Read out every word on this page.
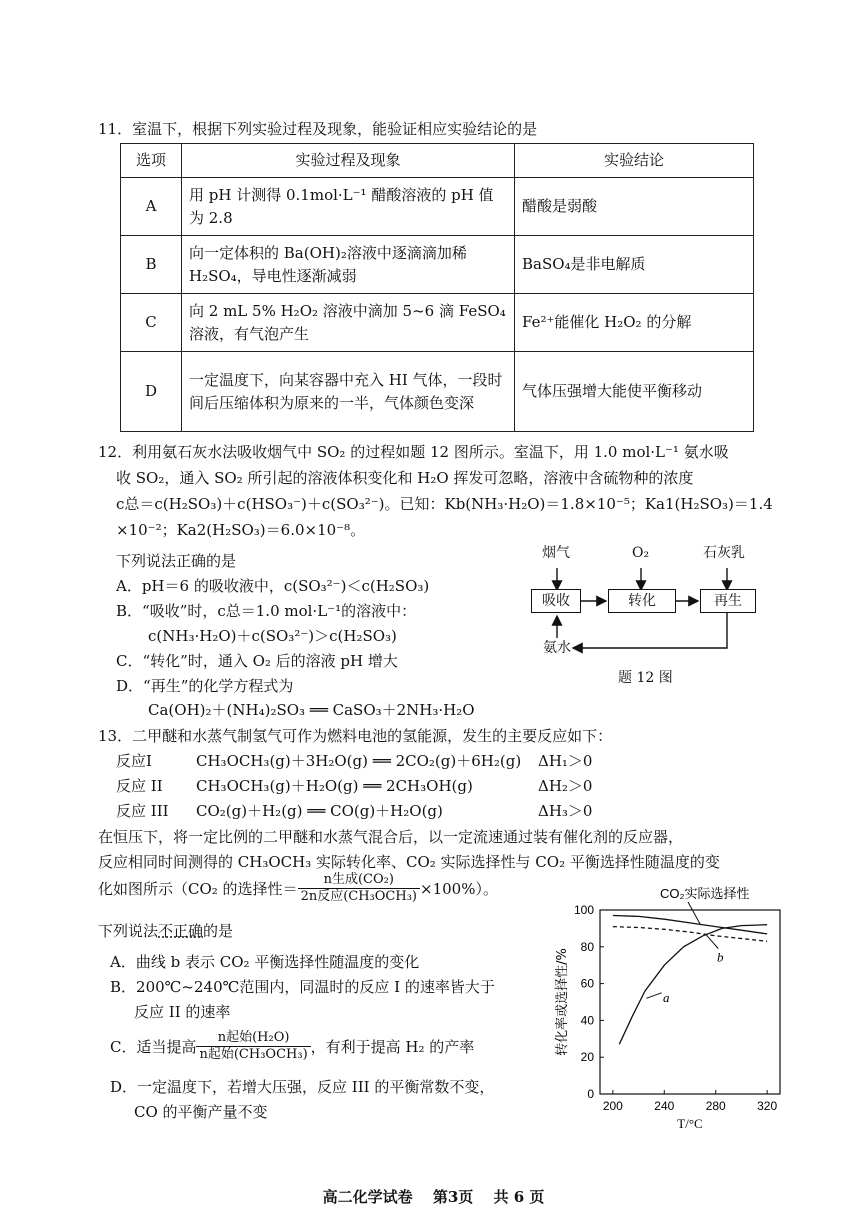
11．室温下，根据下列实验过程及现象，能验证相应实验结论的是
选项	实验过程及现象	实验结论
A	用 pH 计测得 0.1mol·L⁻¹ 醋酸溶液的 pH 值为 2.8	醋酸是弱酸
B	向一定体积的 Ba(OH)₂溶液中逐滴滴加稀 H₂SO₄，导电性逐渐减弱	BaSO₄是非电解质
C	向 2 mL 5% H₂O₂ 溶液中滴加 5~6 滴 FeSO₄ 溶液，有气泡产生	Fe²⁺能催化 H₂O₂ 的分解
D	一定温度下，向某容器中充入 HI 气体，一段时间后压缩体积为原来的一半，气体颜色变深	气体压强增大能使平衡移动
12．利用氨石灰水法吸收烟气中 SO₂ 的过程如题 12 图所示。室温下，用 1.0 mol·L⁻¹ 氨水吸
收 SO₂，通入 SO₂ 所引起的溶液体积变化和 H₂O 挥发可忽略，溶液中含硫物种的浓度
c总＝c(H₂SO₃)＋c(HSO₃⁻)＋c(SO₃²⁻)。已知：Kb(NH₃·H₂O)＝1.8×10⁻⁵；Ka1(H₂SO₃)＝1.4
×10⁻²；Ka2(H₂SO₃)＝6.0×10⁻⁸。
下列说法正确的是
A．pH＝6 的吸收液中，c(SO₃²⁻)＜c(H₂SO₃)
B．“吸收”时，c总＝1.0 mol·L⁻¹的溶液中：
c(NH₃·H₂O)＋c(SO₃²⁻)＞c(H₂SO₃)
C．“转化”时，通入 O₂ 后的溶液 pH 增大
D．“再生”的化学方程式为
Ca(OH)₂＋(NH₄)₂SO₃ ══ CaSO₃＋2NH₃·H₂O
烟气	O₂	石灰乳
吸收	转化	再生
氨水
题 12 图
13．二甲醚和水蒸气制氢气可作为燃料电池的氢能源，发生的主要反应如下：
反应I	CH₃OCH₃(g)＋3H₂O(g) ══ 2CO₂(g)＋6H₂(g) ΔH₁＞0
反应 II CH₃OCH₃(g)＋H₂O(g) ══ 2CH₃OH(g)	ΔH₂＞0
反应 III CO₂(g)＋H₂(g) ══ CO(g)＋H₂O(g)	ΔH₃＞0
在恒压下，将一定比例的二甲醚和水蒸气混合后，以一定流速通过装有催化剂的反应器，
反应相同时间测得的 CH₃OCH₃ 实际转化率、CO₂ 实际选择性与 CO₂ 平衡选择性随温度的变
化如图所示（CO₂ 的选择性＝ $\frac{\text{n生成(CO₂)}}{\text{2n反应(CH₃OCH₃)}} \times 100\%$）。
下列说法不正确的是
A．曲线 b 表示 CO₂ 平衡选择性随温度的变化
B．200℃~240℃范围内，同温时的反应 I 的速率皆大于
反应 II 的速率
C．适当提高 $\frac{\text{n起始(H₂O)}}{\text{n起始(CH₃OCH₃)}}$ ，有利于提高 H₂ 的产率
D．一定温度下，若增大压强，反应 III 的平衡常数不变，
CO 的平衡产量不变	200	240	280	320
0
20
40
60
80
100
CO₂实际选择性
b
a
T/°C
转化率或选择性/%
高二化学试卷　 第3页　 共 6 页
